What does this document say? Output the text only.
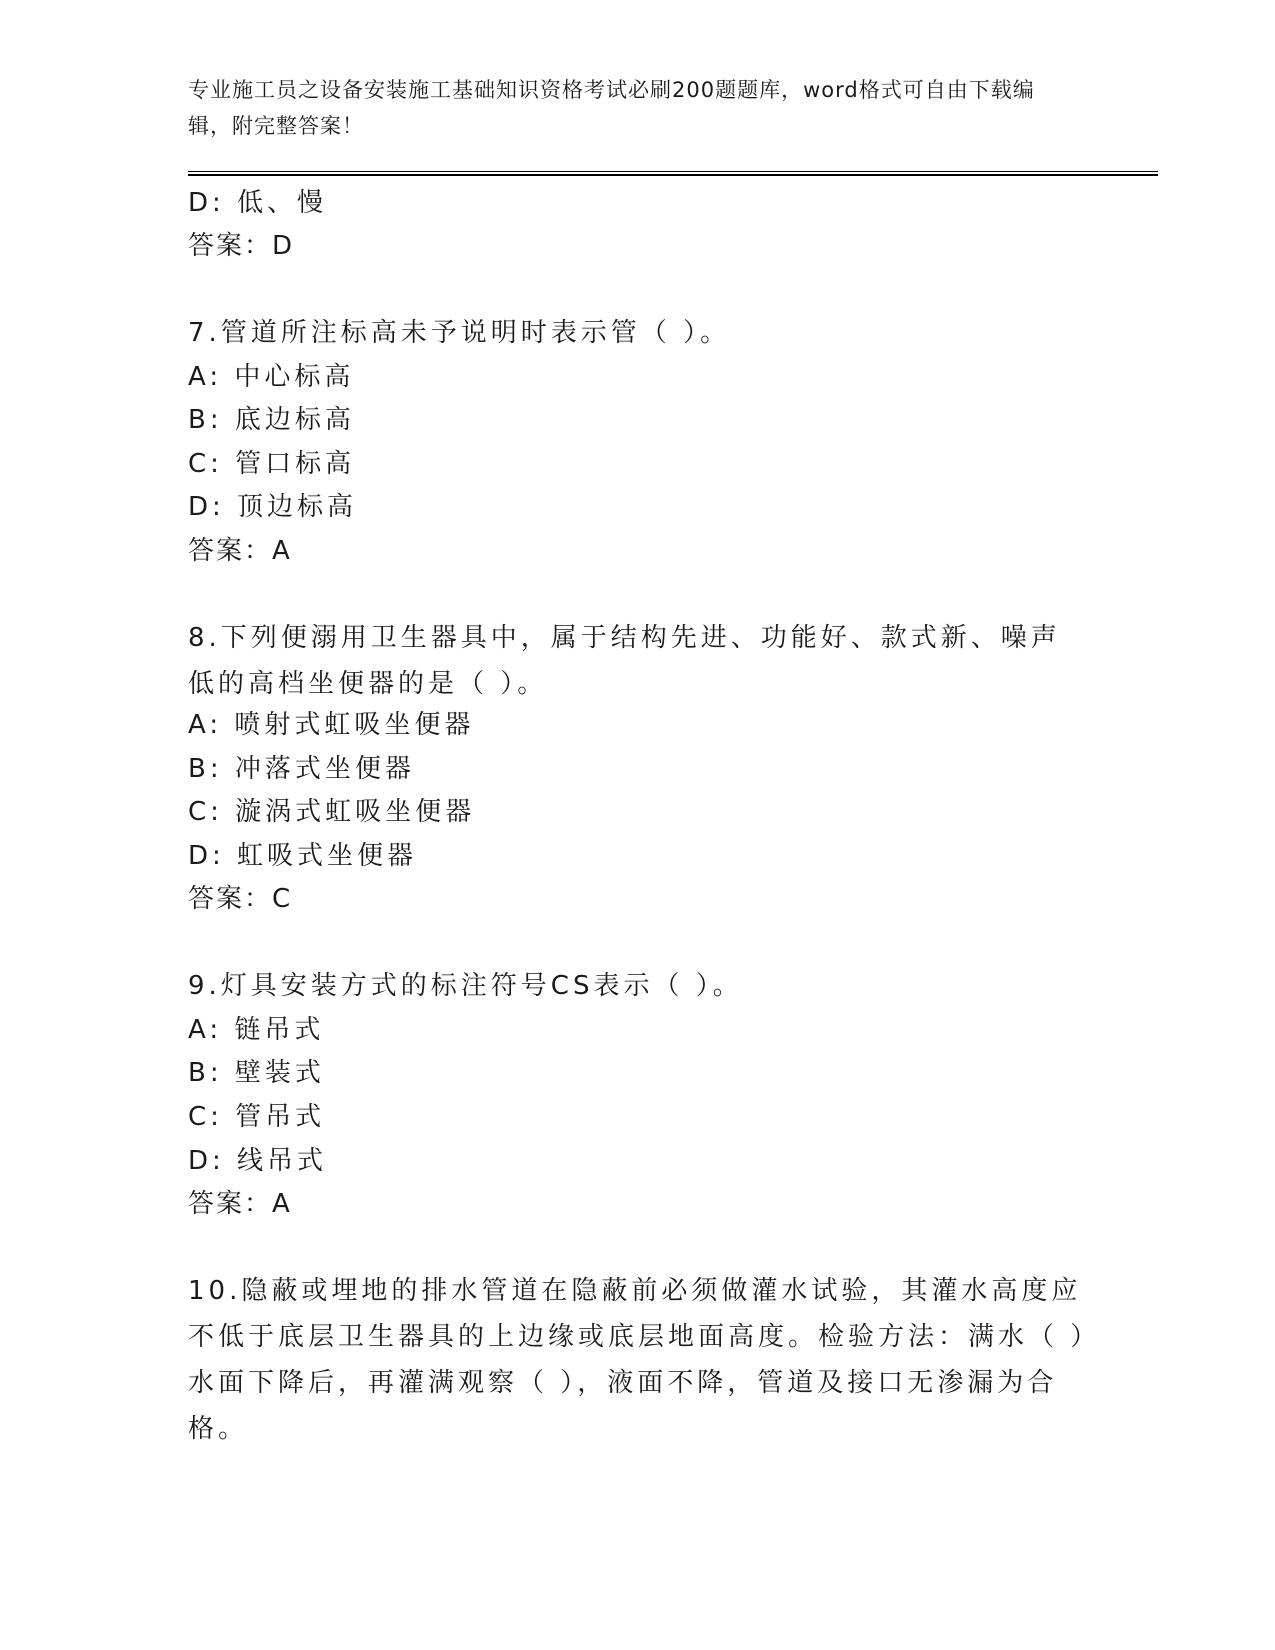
专业施工员之设备安装施工基础知识资格考试必刷200题题库，word格式可自由下载编辑，附完整答案！
D: 低、慢
答案：D
7.管道所注标高未予说明时表示管（ ）。
A: 中心标高
B: 底边标高
C: 管口标高
D: 顶边标高
答案：A
8.下列便溺用卫生器具中，属于结构先进、功能好、款式新、噪声低的高档坐便器的是（ ）。
A: 喷射式虹吸坐便器
B: 冲落式坐便器
C: 漩涡式虹吸坐便器
D: 虹吸式坐便器
答案：C
9.灯具安装方式的标注符号CS表示（ ）。
A: 链吊式
B: 壁装式
C: 管吊式
D: 线吊式
答案：A
10.隐蔽或埋地的排水管道在隐蔽前必须做灌水试验，其灌水高度应不低于底层卫生器具的上边缘或底层地面高度。检验方法：满水（ ）水面下降后，再灌满观察（ ），液面不降，管道及接口无渗漏为合格。
